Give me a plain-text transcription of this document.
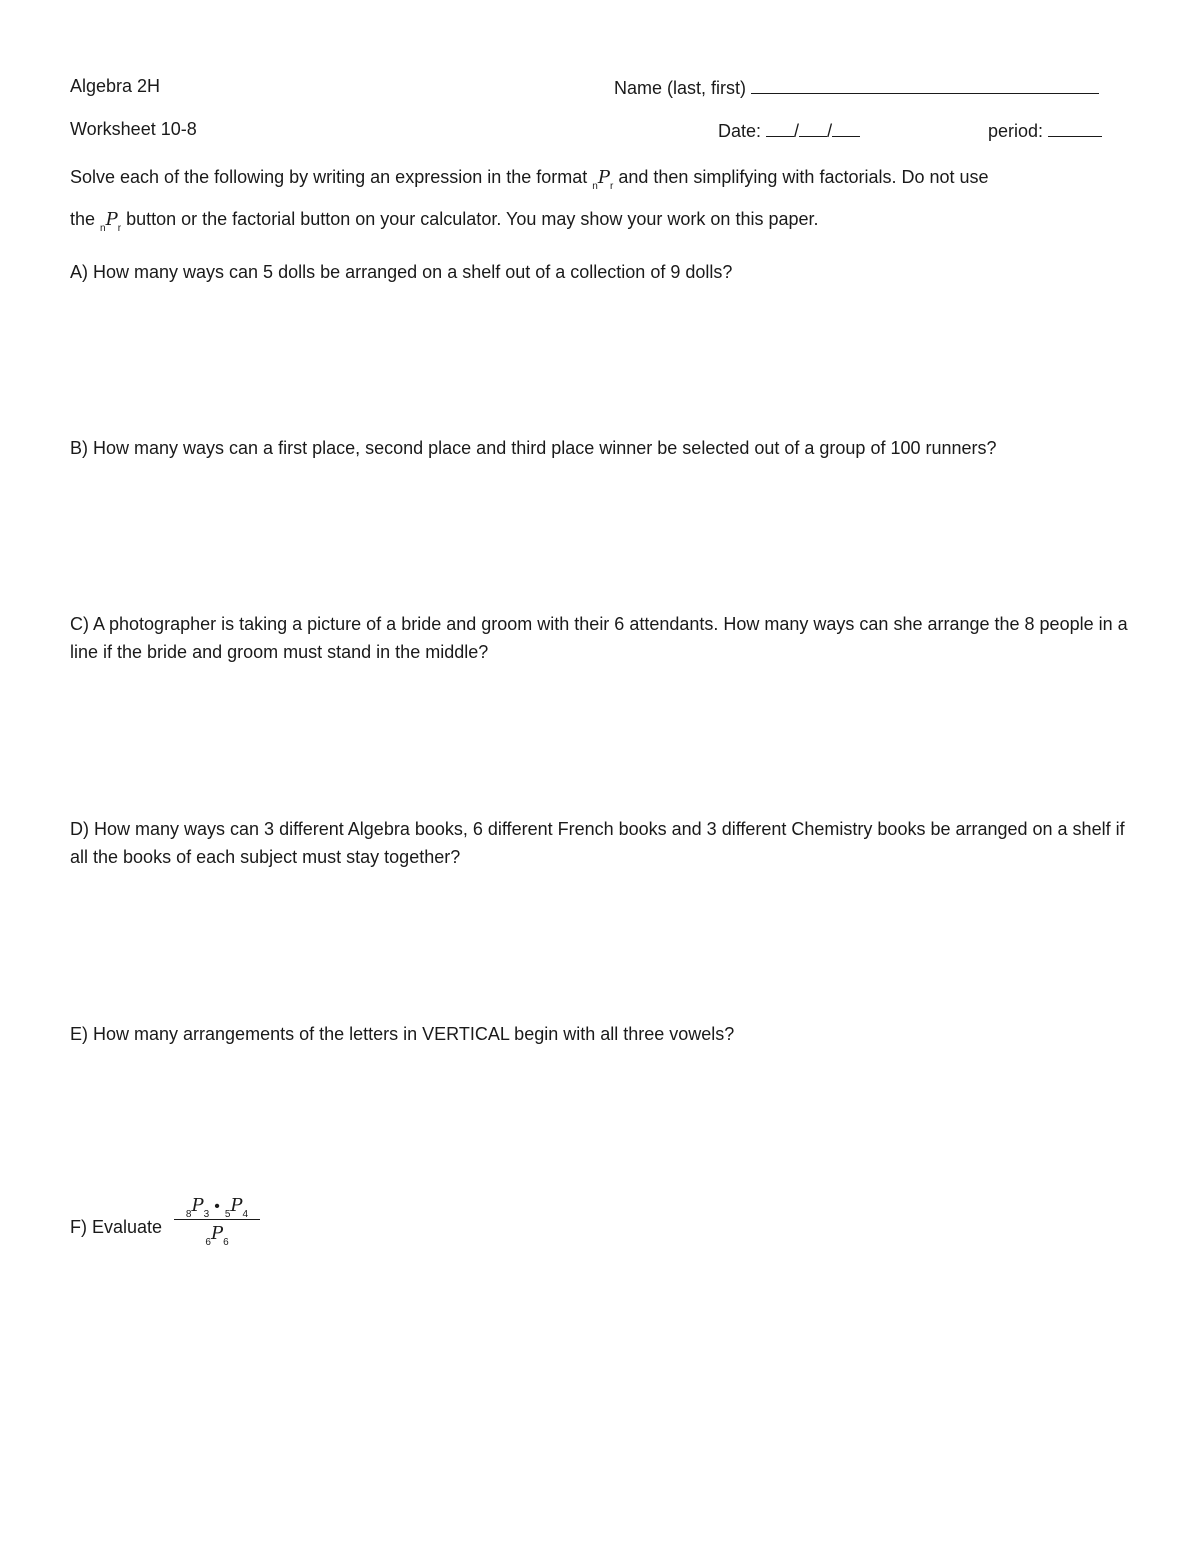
Algebra 2H	Name (last, first)
Worksheet 10-8	Date: / /	period:
Solve each of the following by writing an expression in the format $_nP_r$ and then simplifying with factorials. Do not use
the $_nP_r$ button or the factorial button on your calculator. You may show your work on this paper.
A) How many ways can 5 dolls be arranged on a shelf out of a collection of 9 dolls?
B) How many ways can a first place, second place and third place winner be selected out of a group of 100 runners?
C) A photographer is taking a picture of a bride and groom with their 6 attendants. How many ways can she arrange the 8 people in a line if the bride and groom must stand in the middle?
D) How many ways can 3 different Algebra books, 6 different French books and 3 different Chemistry books be arranged on a shelf if all the books of each subject must stay together?
E) How many arrangements of the letters in VERTICAL begin with all three vowels?
F) Evaluate
$_8P_3$ • $_5P_4$
$_6P_6$
